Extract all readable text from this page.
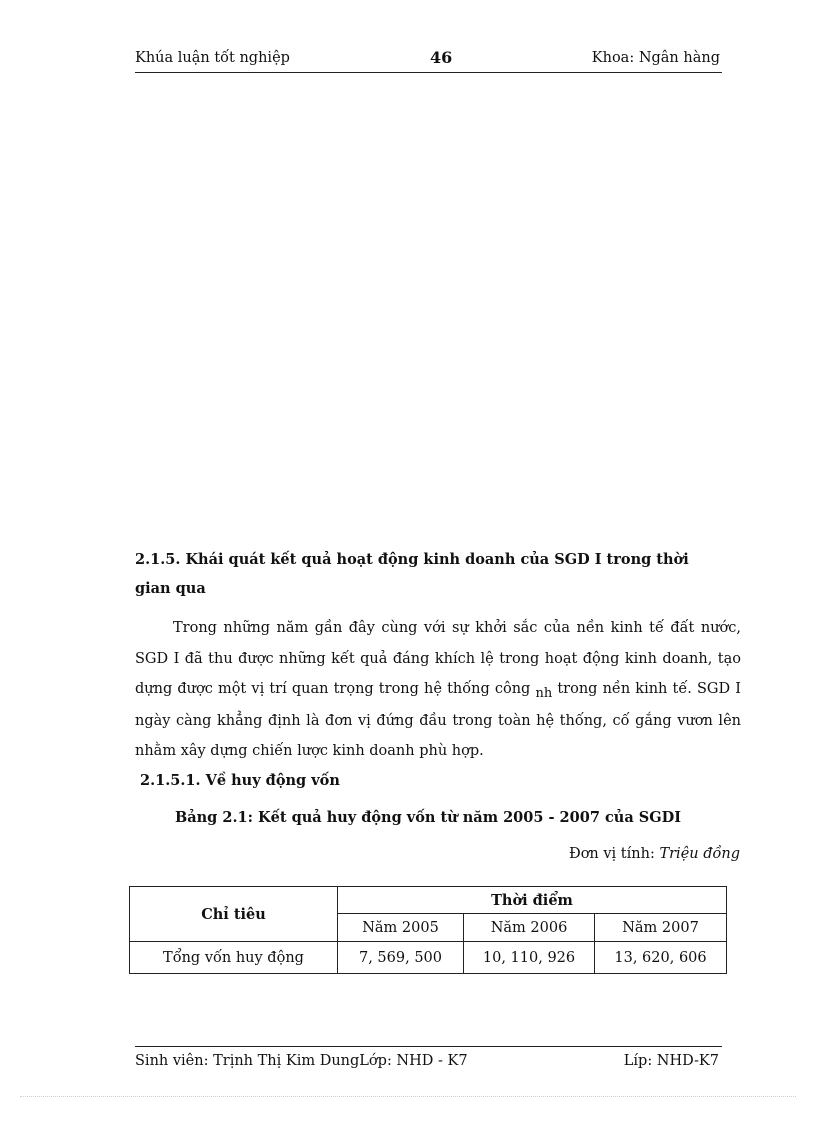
Khúa luận tốt nghiệp	46	Khoa: Ngân hàng
2.1.5. Khái quát kết quả hoạt động kinh doanh của SGD I trong thời gian qua
Trong những năm gần đây cùng với sự khởi sắc của nền kinh tế đất nước, SGD I đã thu được những kết quả đáng khích lệ trong hoạt động kinh doanh, tạo dựng được một vị trí quan trọng trong hệ thống công nh trong nền kinh tế. SGD I ngày càng khẳng định là đơn vị đứng đầu trong toàn hệ thống, cố gắng vươn lên nhằm xây dựng chiến lược kinh doanh phù hợp.
2.1.5.1. Về huy động vốn
Bảng 2.1: Kết quả huy động vốn từ năm 2005 - 2007 của SGDI
Đơn vị tính: Triệu đồng
Chỉ tiêu	Thời điểm		
	Năm 2005	Năm 2006	Năm 2007
Tổng vốn huy động	7, 569, 500	10, 110, 926	13, 620, 606
Sinh viên: Trịnh Thị Kim DungLớp: NHD - K7	Líp: NHD-K7
